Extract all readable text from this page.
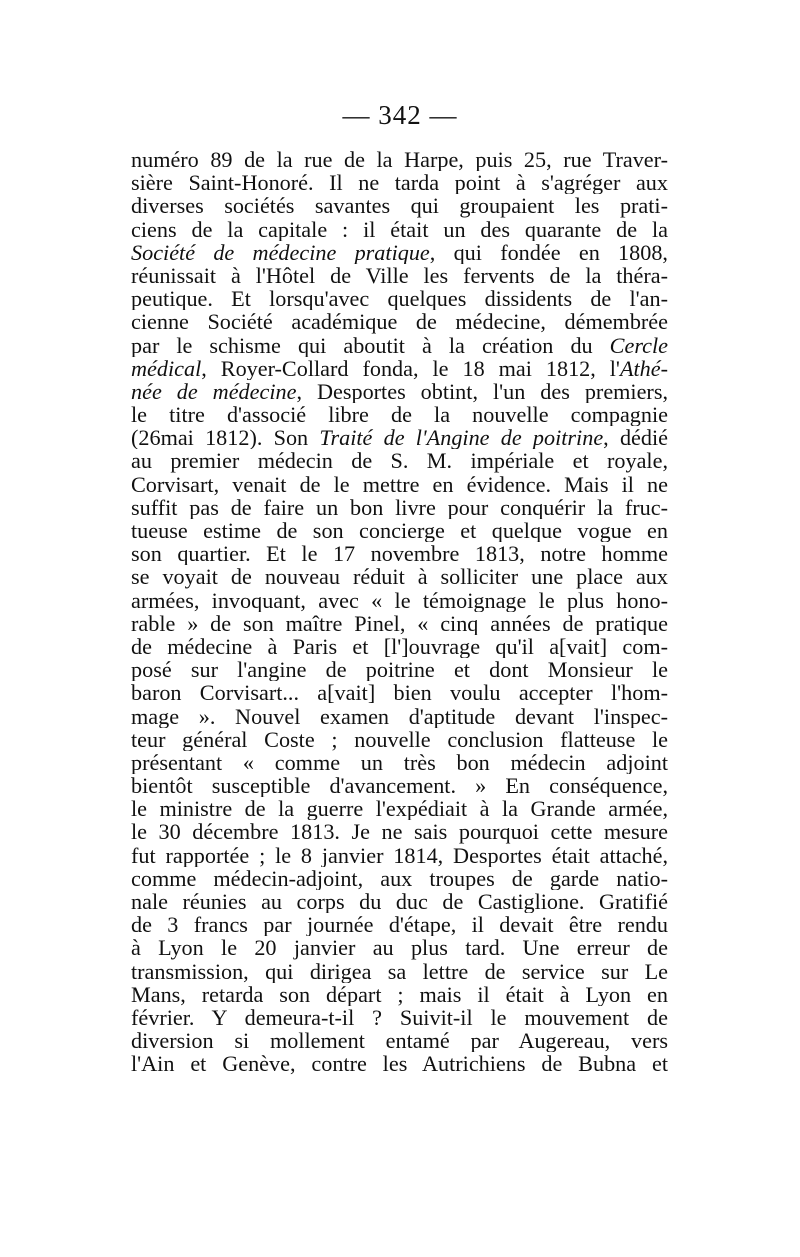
— 342 —
numéro 89 de la rue de la Harpe, puis 25, rue Traver-
sière Saint-Honoré. Il ne tarda point à s'agréger aux
diverses sociétés savantes qui groupaient les prati-
ciens de la capitale : il était un des quarante de la
Société de médecine pratique, qui fondée en 1808,
réunissait à l'Hôtel de Ville les fervents de la théra-
peutique. Et lorsqu'avec quelques dissidents de l'an-
cienne Société académique de médecine, démembrée
par le schisme qui aboutit à la création du Cercle
médical, Royer-Collard fonda, le 18 mai 1812, l'Athé-
née de médecine, Desportes obtint, l'un des premiers,
le titre d'associé libre de la nouvelle compagnie
(26mai 1812). Son Traité de l'Angine de poitrine, dédié
au premier médecin de S. M. impériale et royale,
Corvisart, venait de le mettre en évidence. Mais il ne
suffit pas de faire un bon livre pour conquérir la fruc-
tueuse estime de son concierge et quelque vogue en
son quartier. Et le 17 novembre 1813, notre homme
se voyait de nouveau réduit à solliciter une place aux
armées, invoquant, avec « le témoignage le plus hono-
rable » de son maître Pinel, « cinq années de pratique
de médecine à Paris et [l']ouvrage qu'il a[vait] com-
posé sur l'angine de poitrine et dont Monsieur le
baron Corvisart... a[vait] bien voulu accepter l'hom-
mage ». Nouvel examen d'aptitude devant l'inspec-
teur général Coste ; nouvelle conclusion flatteuse le
présentant « comme un très bon médecin adjoint
bientôt susceptible d'avancement. » En conséquence,
le ministre de la guerre l'expédiait à la Grande armée,
le 30 décembre 1813. Je ne sais pourquoi cette mesure
fut rapportée ; le 8 janvier 1814, Desportes était attaché,
comme médecin-adjoint, aux troupes de garde natio-
nale réunies au corps du duc de Castiglione. Gratifié
de 3 francs par journée d'étape, il devait être rendu
à Lyon le 20 janvier au plus tard. Une erreur de
transmission, qui dirigea sa lettre de service sur Le
Mans, retarda son départ ; mais il était à Lyon en
février. Y demeura-t-il ? Suivit-il le mouvement de
diversion si mollement entamé par Augereau, vers
l'Ain et Genève, contre les Autrichiens de Bubna et
